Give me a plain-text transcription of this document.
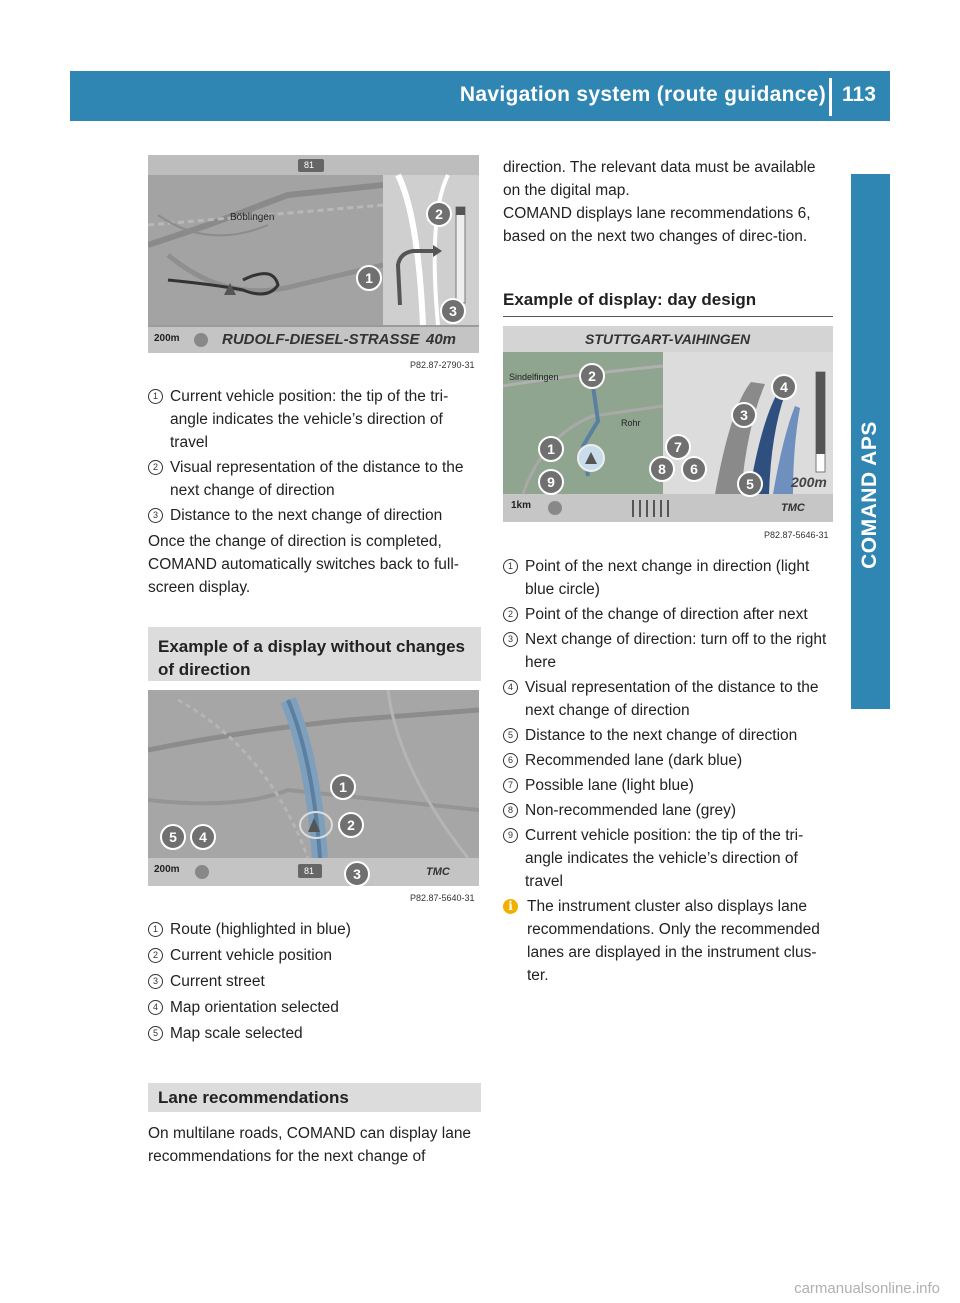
Navigation system (route guidance) 113
COMAND APS
Böblingen
81
200m	RUDOLF-DIESEL-STRASSE 40m
1
2
3
P82.87-2790-31
1 Current vehicle position: the tip of the tri-angle indicates the vehicle’s direction of travel
2 Visual representation of the distance to the next change of direction
3 Distance to the next change of direction

Once the change of direction is completed, COMAND automatically switches back to full-screen display.

Example of a display without changes of direction
200m	81	TMC
1
2
3
4
5
P82.87-5640-31
1 Route (highlighted in blue)
2 Current vehicle position
3 Current street
4 Map orientation selected
5 Map scale selected
Lane recommendations

On multilane roads, COMAND can display lane recommendations for the next change of

direction. The relevant data must be available on the digital map.

COMAND displays lane recommendations 6, based on the next two changes of direc-tion.

Example of display: day design
STUTTGART-VAIHINGEN
Rohr
Sindelfingen
1km
200m
TMC
1
2
3
4
5
6
7
8
9
P82.87-5646-31
1 Point of the next change in direction (light blue circle)
2 Point of the change of direction after next
3 Next change of direction: turn off to the right here
4 Visual representation of the distance to the next change of direction
5 Distance to the next change of direction
6 Recommended lane (dark blue)
7 Possible lane (light blue)
8 Non-recommended lane (grey)
9 Current vehicle position: the tip of the tri-angle indicates the vehicle’s direction of travel
i The instrument cluster also displays lane recommendations. Only the recommended lanes are displayed in the instrument clus-ter.

carmanualsonline.info
